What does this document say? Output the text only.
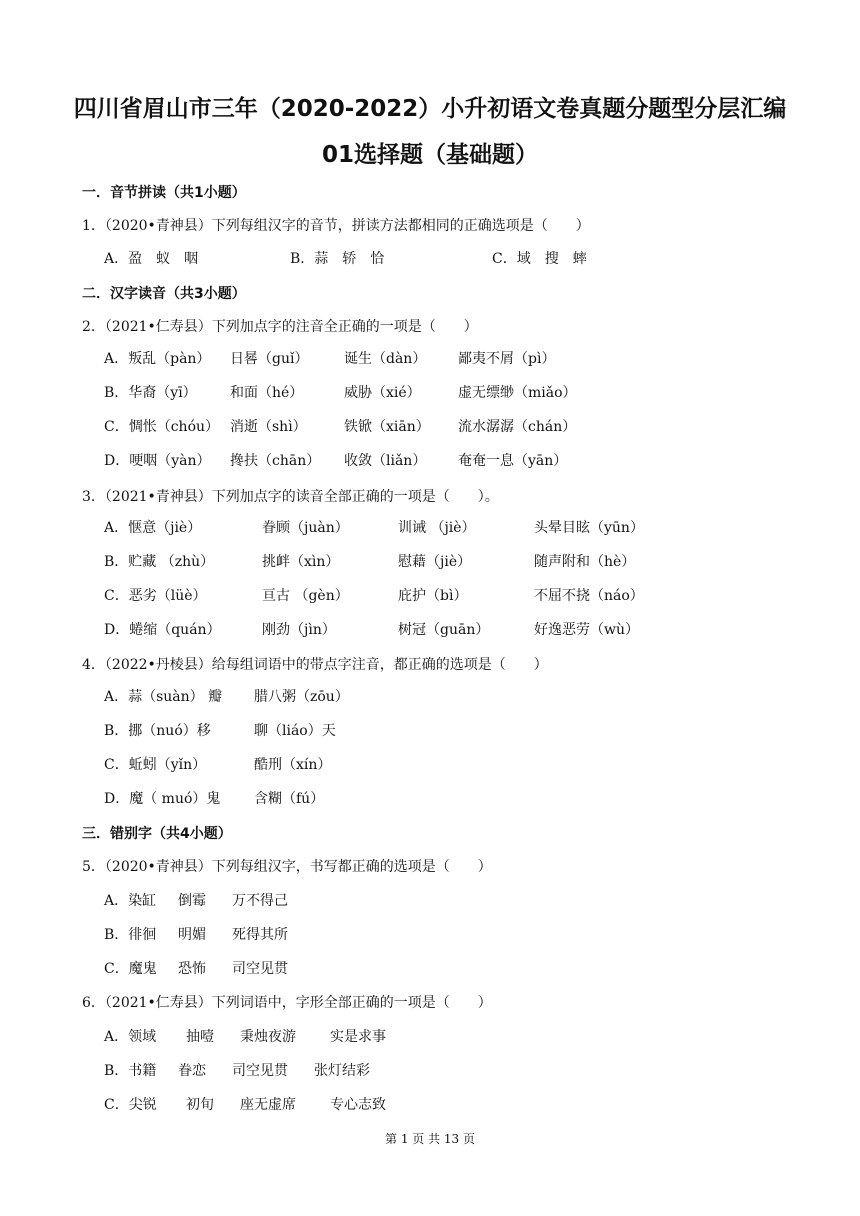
四川省眉山市三年（2020-2022）小升初语文卷真题分题型分层汇编
01选择题（基础题）
一．音节拼读（共1小题）
1．（2020•青神县）下列每组汉字的音节，拼读方法都相同的正确选项是（　　）
A．盈　蚁　咽	B．蒜　轿　恰	C．域　搜　蟀
二．汉字读音（共3小题）
2．（2021•仁寿县）下列加点字的注音全正确的一项是（　　）
A．叛乱（pàn） 日晷（guǐ）	诞生（dàn） 鄙夷不屑（pì）
B．华裔（yī） 和面（hé）	威胁（xié）	虚无缥缈（miǎo）
C．惆怅（chóu） 消逝（shì）	铁锨（xiān） 流水潺潺（chán）
D．哽咽（yàn） 搀扶（chān） 收敛（liǎn） 奄奄一息（yān）
3．（2021•青神县）下列加点字的读音全部正确的一项是（　　）。
A．惬意（jiè）	眷顾（juàn）	训诫 （jiè）	头晕目眩（yūn）
B．贮藏 （zhù）	挑衅（xìn）	慰藉（jiè）	随声附和（hè）
C．恶劣（lüè）	亘古 （gèn）	庇护（bì）	不屈不挠（náo）
D．蜷缩（quán）	刚劲（jìn）	树冠（guān）	好逸恶劳（wù）
4．（2022•丹棱县）给每组词语中的带点字注音，都正确的选项是（　　）
A．蒜（suàn） 瓣 腊八粥（zōu）
B．挪（nuó）移	聊（liáo）天
C．蚯蚓（yǐn）	酷刑（xín）
D．魔（ muó）鬼 含糊（fú）
三．错别字（共4小题）
5．（2020•青神县）下列每组汉字，书写都正确的选项是（　　）
A．染缸 倒霉 万不得己
B．徘徊 明媚 死得其所
C．魔鬼 恐怖 司空见贯
6．（2021•仁寿县）下列词语中，字形全部正确的一项是（　　）
A．领域 抽噎 秉烛夜游 实是求事
B．书籍 眷恋 司空见贯 张灯结彩
C．尖锐 初旬 座无虚席 专心志致
第 1 页 共 13 页
